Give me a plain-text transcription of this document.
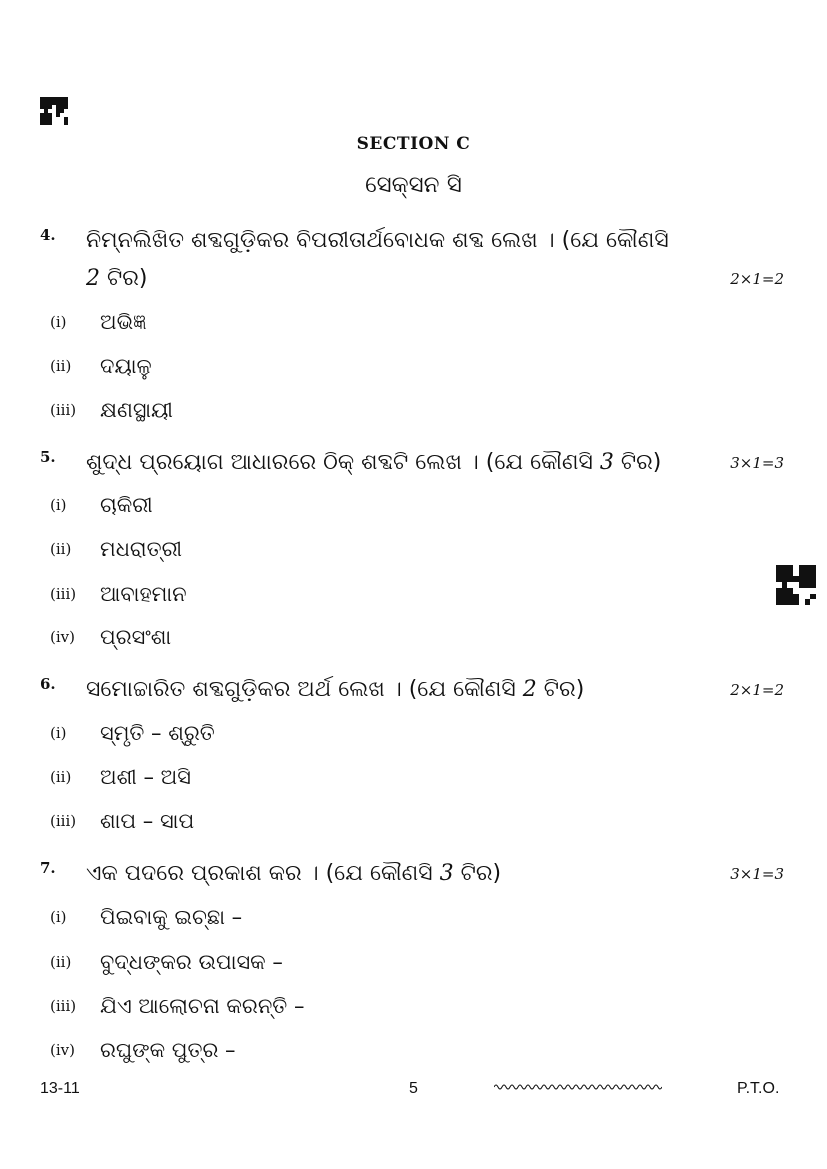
SECTION C
ସେକ୍ସନ ସି
4. ନିମ୍ନଲିଖିତ ଶବ୍ଦଗୁଡ଼ିକର ବିପରୀତାର୍ଥବୋଧକ ଶବ୍ଦ ଲେଖ । (ଯେ କୌଣସି
2 ଟିର)	2×1=2
(i)	ଅଭିଜ୍ଞ
(ii)	ଦୟାଳୁ
(iii)	କ୍ଷଣସ୍ଥାୟୀ
5. ଶୁଦ୍ଧ ପ୍ରୟୋଗ ଆଧାରରେ ଠିକ୍ ଶବ୍ଦଟି ଲେଖ । (ଯେ କୌଣସି 3 ଟିର)	3×1=3
(i)	ଚାକିରୀ
(ii)	ମଧରାତ୍ରୀ
(iii)	ଆବାହମାନ
(iv)	ପ୍ରସଂଶା
6. ସମୋଚ୍ଚାରିତ ଶବ୍ଦଗୁଡ଼ିକର ଅର୍ଥ ଲେଖ । (ଯେ କୌଣସି 2 ଟିର)	2×1=2
(i)	ସ୍ମୃତି – ଶ୍ରୁତି
(ii)	ଅଶୀ – ଅସି
(iii)	ଶାପ – ସାପ
7. ଏକ ପଦରେ ପ୍ରକାଶ କର । (ଯେ କୌଣସି 3 ଟିର)	3×1=3
(i)	ପିଇବାକୁ ଇଚ୍ଛା –
(ii)	ବୁଦ୍ଧଙ୍କର ଉପାସକ –
(iii)	ଯିଏ ଆଲୋଚନା କରନ୍ତି –
(iv)	ରଘୁଙ୍କ ପୁତ୍ର –
13-11	5	P.T.O.
